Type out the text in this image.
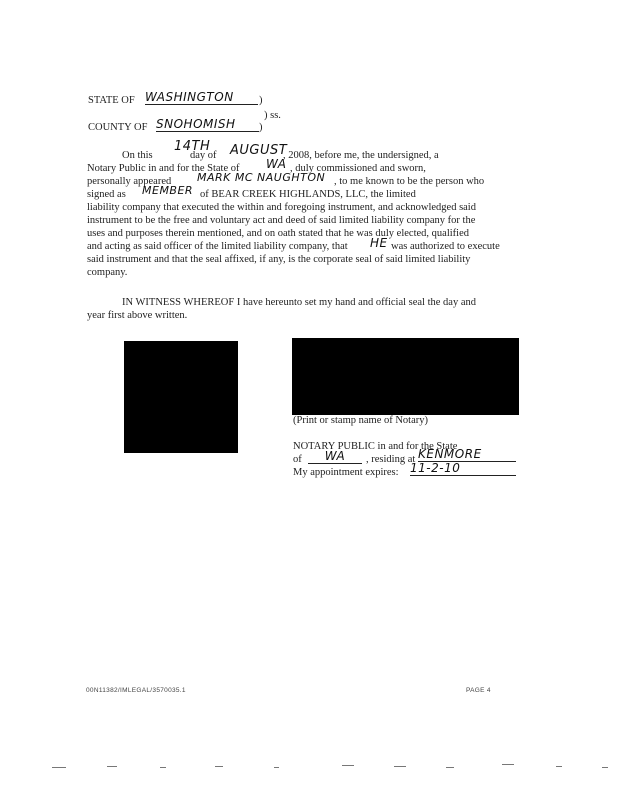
STATE OF WASHINGTON	)
) ss.
COUNTY OF SNOHOMISH	)
On this
14TH
day of AUGUST
, 2008, before me, the undersigned, a
Notary Public in and for the State of WA , duly commissioned and sworn,
personally appeared MARK MC NAUGHTON , to me known to be the person who
signed as MEMBER of BEAR CREEK HIGHLANDS, LLC, the limited
liability company that executed the within and foregoing instrument, and acknowledged said
instrument to be the free and voluntary act and deed of said limited liability company for the
uses and purposes therein mentioned, and on oath stated that he was duly elected, qualified
and acting as said officer of the limited liability company, that HE was authorized to execute
said instrument and that the seal affixed, if any, is the corporate seal of said limited liability
company.
IN WITNESS WHEREOF I have hereunto set my hand and official seal the day and
year first above written.
(Print or stamp name of Notary)
NOTARY PUBLIC in and for the State
of	WA	, residing at KENMORE
My appointment expires: 11-2-10
00N11382/IMLEGAL/3570035.1	PAGE 4
